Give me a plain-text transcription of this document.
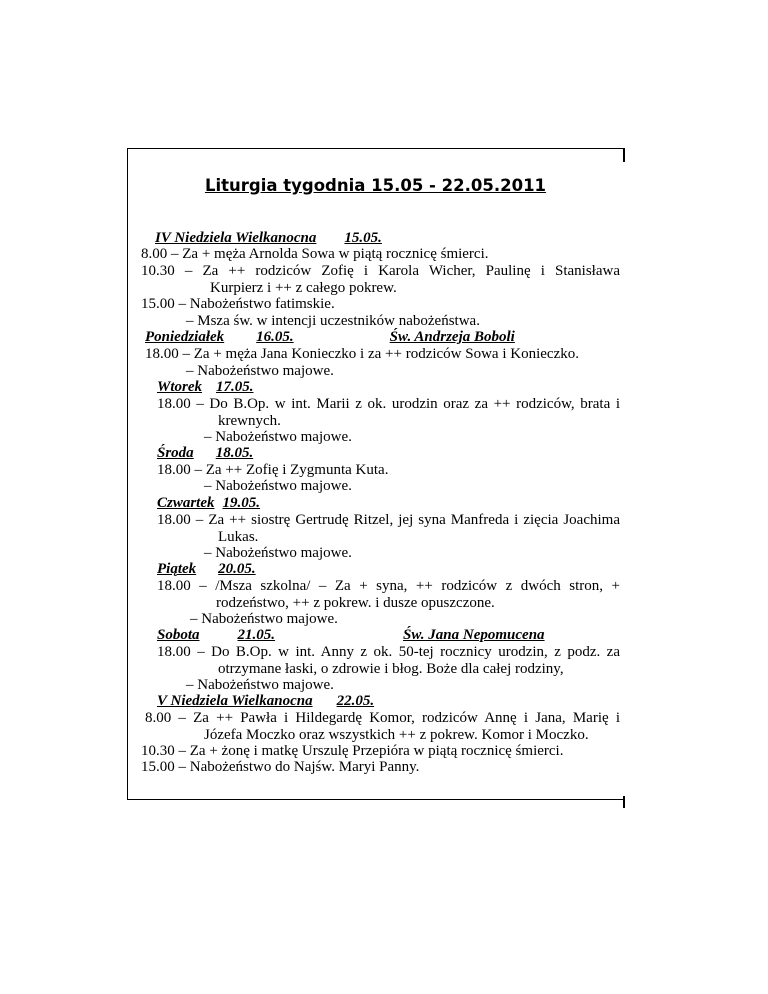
Liturgia tygodnia 15.05 - 22.05.2011
IV Niedziela Wielkanocna 15.05.
8.00 – Za + męża Arnolda Sowa w piątą rocznicę śmierci.
10.30 – Za ++ rodziców Zofię i Karola Wicher, Paulinę i Stanisława
Kurpierz i ++ z całego pokrew.
15.00 – Nabożeństwo fatimskie.
– Msza św. w intencji uczestników nabożeństwa.
Poniedziałek 16.05.	Św. Andrzeja Boboli
18.00 – Za + męża Jana Konieczko i za ++ rodziców Sowa i Konieczko.
– Nabożeństwo majowe.
Wtorek 17.05.
18.00 – Do B.Op. w int. Marii z ok. urodzin oraz za ++ rodziców, brata i
krewnych.
– Nabożeństwo majowe.
Środa 18.05.
18.00 – Za ++ Zofię i Zygmunta Kuta.
– Nabożeństwo majowe.
Czwartek 19.05.
18.00 – Za ++ siostrę Gertrudę Ritzel, jej syna Manfreda i zięcia Joachima
Lukas.
– Nabożeństwo majowe.
Piątek 20.05.
18.00 – /Msza szkolna/ – Za + syna, ++ rodziców z dwóch stron, +
rodzeństwo, ++ z pokrew. i dusze opuszczone.
– Nabożeństwo majowe.
Sobota	21.05.	Św. Jana Nepomucena
18.00 – Do B.Op. w int. Anny z ok. 50-tej rocznicy urodzin, z podz. za
otrzymane łaski, o zdrowie i błog. Boże dla całej rodziny,
– Nabożeństwo majowe.
V Niedziela Wielkanocna 22.05.
8.00 – Za ++ Pawła i Hildegardę Komor, rodziców Annę i Jana, Marię i
Józefa Moczko oraz wszystkich ++ z pokrew. Komor i Moczko.
10.30 – Za + żonę i matkę Urszulę Przepióra w piątą rocznicę śmierci.
15.00 – Nabożeństwo do Najśw. Maryi Panny.
